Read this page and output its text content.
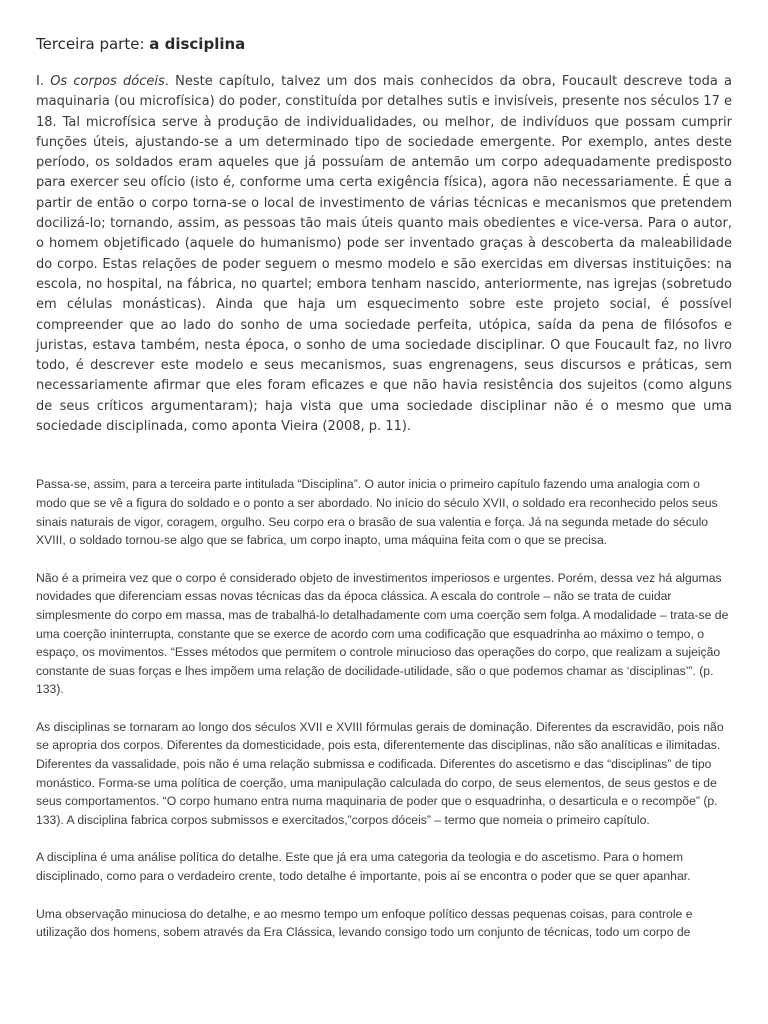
Terceira parte: a disciplina
I. Os corpos dóceis. Neste capítulo, talvez um dos mais conhecidos da obra, Foucault descreve toda a maquinaria (ou microfísica) do poder, constituída por detalhes sutis e invisíveis, presente nos séculos 17 e 18. Tal microfísica serve à produção de individualidades, ou melhor, de indivíduos que possam cumprir funções úteis, ajustando-se a um determinado tipo de sociedade emergente. Por exemplo, antes deste período, os soldados eram aqueles que já possuíam de antemão um corpo adequadamente predisposto para exercer seu ofício (isto é, conforme uma certa exigência física), agora não necessariamente. É que a partir de então o corpo torna-se o local de investimento de várias técnicas e mecanismos que pretendem docilizá-lo; tornando, assim, as pessoas tão mais úteis quanto mais obedientes e vice-versa. Para o autor, o homem objetificado (aquele do humanismo) pode ser inventado graças à descoberta da maleabilidade do corpo. Estas relações de poder seguem o mesmo modelo e são exercidas em diversas instituições: na escola, no hospital, na fábrica, no quartel; embora tenham nascido, anteriormente, nas igrejas (sobretudo em células monásticas). Ainda que haja um esquecimento sobre este projeto social, é possível compreender que ao lado do sonho de uma sociedade perfeita, utópica, saída da pena de filósofos e juristas, estava também, nesta época, o sonho de uma sociedade disciplinar. O que Foucault faz, no livro todo, é descrever este modelo e seus mecanismos, suas engrenagens, seus discursos e práticas, sem necessariamente afirmar que eles foram eficazes e que não havia resistência dos sujeitos (como alguns de seus críticos argumentaram); haja vista que uma sociedade disciplinar não é o mesmo que uma sociedade disciplinada, como aponta Vieira (2008, p. 11).

Passa-se, assim, para a terceira parte intitulada “Disciplina”. O autor inicia o primeiro capítulo fazendo uma analogia com o modo que se vê a figura do soldado e o ponto a ser abordado. No início do século XVII, o soldado era reconhecido pelos seus sinais naturais de vigor, coragem, orgulho. Seu corpo era o brasão de sua valentia e força. Já na segunda metade do século XVIII, o soldado tornou-se algo que se fabrica, um corpo inapto, uma máquina feita com o que se precisa.

Não é a primeira vez que o corpo é considerado objeto de investimentos imperiosos e urgentes. Porém, dessa vez há algumas novidades que diferenciam essas novas técnicas das da época clássica. A escala do controle – não se trata de cuidar simplesmente do corpo em massa, mas de trabalhá-lo detalhadamente com uma coerção sem folga. A modalidade – trata-se de uma coerção ininterrupta, constante que se exerce de acordo com uma codificação que esquadrinha ao máximo o tempo, o espaço, os movimentos. “Esses métodos que permitem o controle minucioso das operações do corpo, que realizam a sujeição constante de suas forças e lhes impõem uma relação de docilidade-utilidade, são o que podemos chamar as ‘disciplinas’”. (p. 133).

As disciplinas se tornaram ao longo dos séculos XVII e XVIII fórmulas gerais de dominação. Diferentes da escravidão, pois não se apropria dos corpos. Diferentes da domesticidade, pois esta, diferentemente das disciplinas, não são analíticas e ilimitadas. Diferentes da vassalidade, pois não é uma relação submissa e codificada. Diferentes do ascetismo e das “disciplinas” de tipo monástico. Forma-se uma política de coerção, uma manipulação calculada do corpo, de seus elementos, de seus gestos e de seus comportamentos. “O corpo humano entra numa maquinaria de poder que o esquadrinha, o desarticula e o recompõe” (p. 133). A disciplina fabrica corpos submissos e exercitados,”corpos dóceis” – termo que nomeia o primeiro capítulo.

A disciplina é uma análise política do detalhe. Este que já era uma categoria da teologia e do ascetismo. Para o homem disciplinado, como para o verdadeiro crente, todo detalhe é importante, pois aí se encontra o poder que se quer apanhar.

Uma observação minuciosa do detalhe, e ao mesmo tempo um enfoque político dessas pequenas coisas, para controle e utilização dos homens, sobem através da Era Clássica, levando consigo todo um conjunto de técnicas, todo um corpo de
